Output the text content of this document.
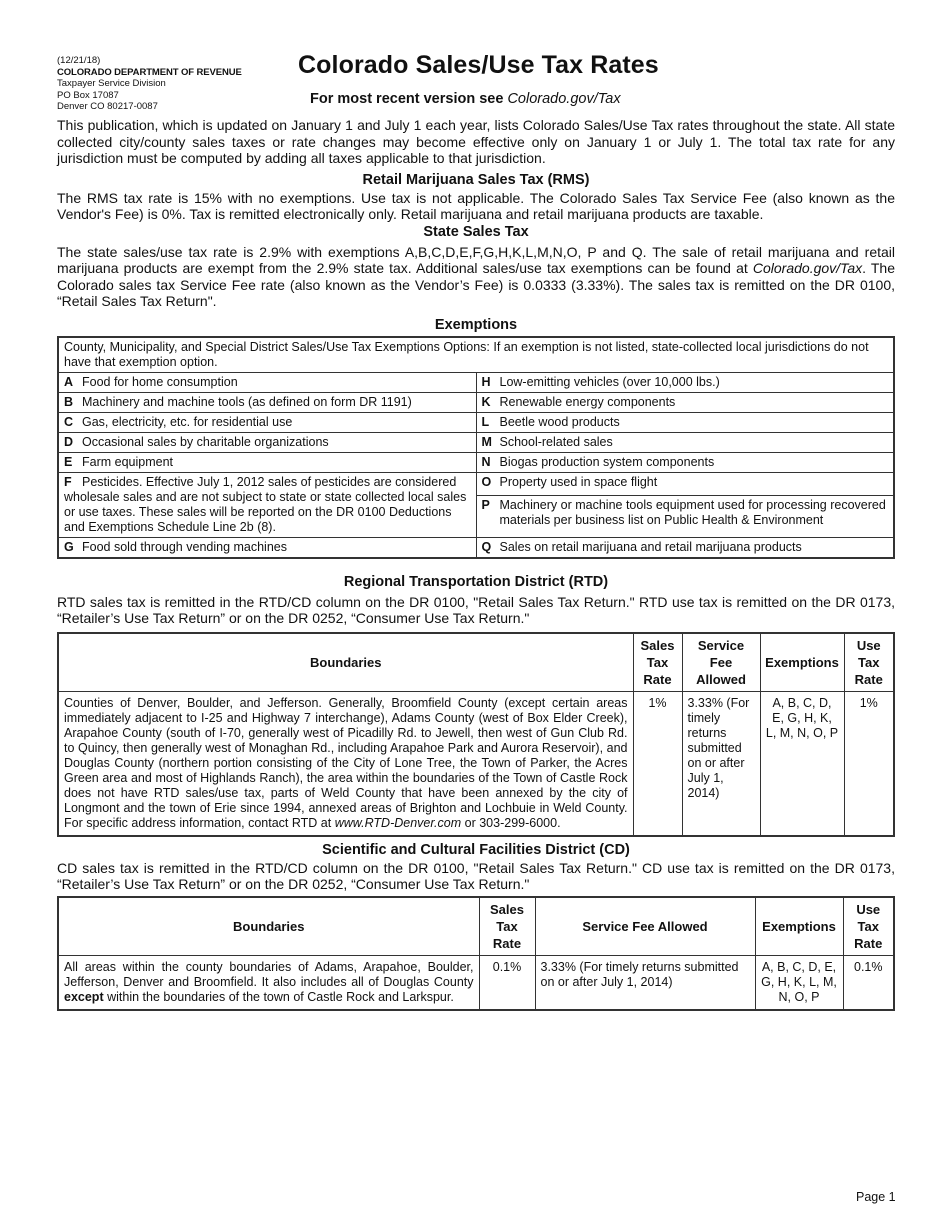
(12/21/18)
COLORADO DEPARTMENT OF REVENUE
Taxpayer Service Division
PO Box 17087
Denver CO 80217-0087
Colorado Sales/Use Tax Rates
For most recent version see Colorado.gov/Tax

This publication, which is updated on January 1 and July 1 each year, lists Colorado Sales/Use Tax rates throughout the state. All state collected city/county sales taxes or rate changes may become effective only on January 1 or July 1. The total tax rate for any jurisdiction must be computed by adding all taxes applicable to that jurisdiction.

Retail Marijuana Sales Tax (RMS)

The RMS tax rate is 15% with no exemptions. Use tax is not applicable. The Colorado Sales Tax Service Fee (also known as the Vendor's Fee) is 0%. Tax is remitted electronically only. Retail marijuana and retail marijuana products are taxable.

State Sales Tax

The state sales/use tax rate is 2.9% with exemptions A,B,C,D,E,F,G,H,K,L,M,N,O, P and Q. The sale of retail marijuana and retail marijuana products are exempt from the 2.9% state tax. Additional sales/use tax exemptions can be found at Colorado.gov/Tax. The Colorado sales tax Service Fee rate (also known as the Vendor’s Fee) is 0.0333 (3.33%). The sales tax is remitted on the DR 0100, “Retail Sales Tax Return".

Exemptions
County, Municipality, and Special District Sales/Use Tax Exemptions Options: If an exemption is not listed, state-collected local jurisdictions do not have that exemption option.	
A Food for home consumption	H Low-emitting vehicles (over 10,000 lbs.)
B Machinery and machine tools (as defined on form DR 1191)	K Renewable energy components
C Gas, electricity, etc. for residential use	L Beetle wood products
D Occasional sales by charitable organizations	M School-related sales
E Farm equipment	N Biogas production system components
F Pesticides. Effective July 1, 2012 sales of pesticides are considered wholesale sales and are not subject to state or state collected local sales or use taxes. These sales will be reported on the DR 0100 Deductions and Exemptions Schedule Line 2b (8).	O Property used in space flight

	P Machinery or machine tools equipment used for processing recovered materials per business list on Public Health & Environment

G Food sold through vending machines	Q Sales on retail marijuana and retail marijuana products
Regional Transportation District (RTD)

RTD sales tax is remitted in the RTD/CD column on the DR 0100, "Retail Sales Tax Return." RTD use tax is remitted on the DR 0173, “Retailer’s Use Tax Return” or on the DR 0252, “Consumer Use Tax Return."

Boundaries	Sales Tax Rate	Service Fee Allowed	Exemptions	Use Tax Rate
Counties of Denver, Boulder, and Jefferson. Generally, Broomfield County (except certain areas immediately adjacent to I-25 and Highway 7 interchange), Adams County (west of Box Elder Creek), Arapahoe County (south of I-70, generally west of Picadilly Rd. to Jewell, then west of Gun Club Rd. to Quincy, then generally west of Monaghan Rd., including Arapahoe Park and Aurora Reservoir), and Douglas County (northern portion consisting of the City of Lone Tree, the Town of Parker, the Acres Green area and most of Highlands Ranch), the area within the boundaries of the Town of Castle Rock does not have RTD sales/use tax, parts of Weld County that have been annexed by the city of Longmont and the town of Erie since 1994, annexed areas of Brighton and Lochbuie in Weld County. For specific address information, contact RTD at www.RTD-Denver.com or 303-299-6000.	1%	3.33% (For timely returns submitted on or after July 1, 2014)	A, B, C, D, E, G, H, K, L, M, N, O, P	1%
Scientific and Cultural Facilities District (CD)

CD sales tax is remitted in the RTD/CD column on the DR 0100, "Retail Sales Tax Return." CD use tax is remitted on the DR 0173, “Retailer’s Use Tax Return” or on the DR 0252, “Consumer Use Tax Return."

Boundaries	Sales Tax Rate	Service Fee Allowed	Exemptions	Use Tax Rate
All areas within the county boundaries of Adams, Arapahoe, Boulder, Jefferson, Denver and Broomfield. It also includes all of Douglas County except within the boundaries of the town of Castle Rock and Larkspur.	0.1%	3.33% (For timely returns submitted on or after July 1, 2014)	A, B, C, D, E, G, H, K, L, M, N, O, P	0.1%
Page 1
